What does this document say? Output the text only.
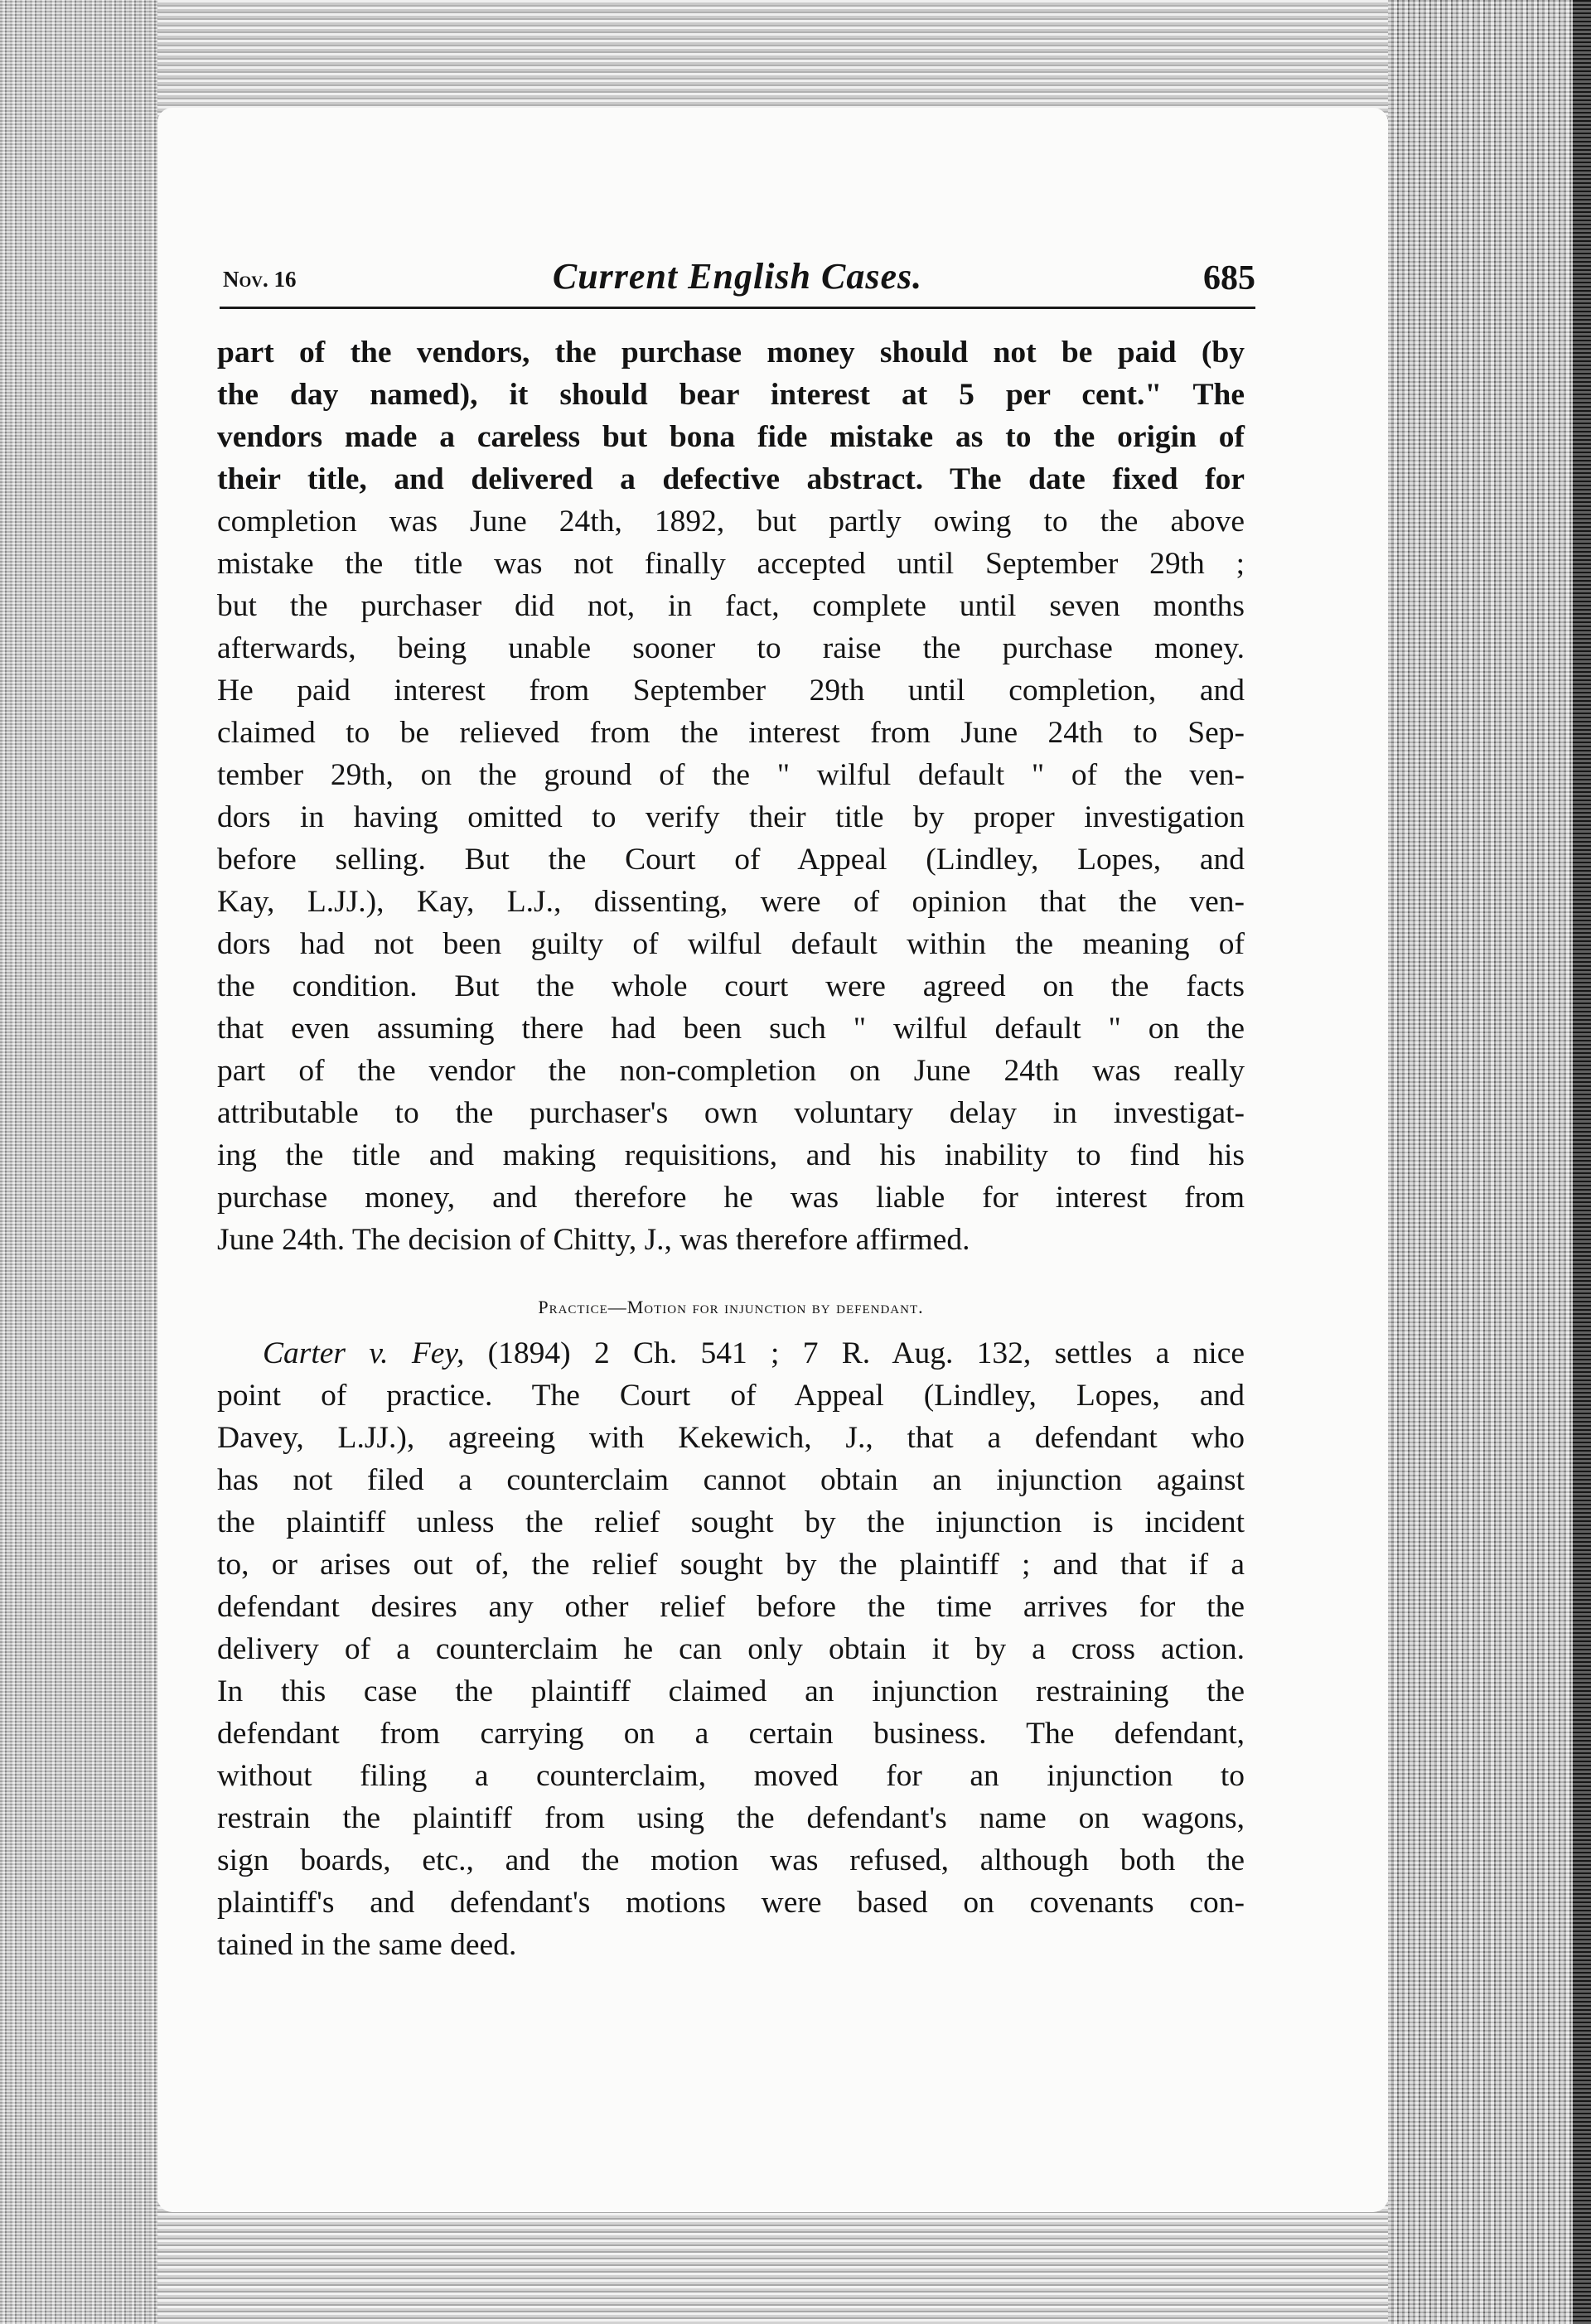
Nov. 16	Current English Cases.	685
part of the vendors, the purchase money should not be paid (by
the day named), it should bear interest at 5 per cent." The
vendors made a careless but bona fide mistake as to the origin of
their title, and delivered a defective abstract. The date fixed for
completion was June 24th, 1892, but partly owing to the above
mistake the title was not finally accepted until September 29th ;
but the purchaser did not, in fact, complete until seven months
afterwards, being unable sooner to raise the purchase money.
He paid interest from September 29th until completion, and
claimed to be relieved from the interest from June 24th to Sep-
tember 29th, on the ground of the " wilful default " of the ven-
dors in having omitted to verify their title by proper investigation
before selling. But the Court of Appeal (Lindley, Lopes, and
Kay, L.JJ.), Kay, L.J., dissenting, were of opinion that the ven-
dors had not been guilty of wilful default within the meaning of
the condition. But the whole court were agreed on the facts
that even assuming there had been such " wilful default " on the
part of the vendor the non-completion on June 24th was really
attributable to the purchaser's own voluntary delay in investigat-
ing the title and making requisitions, and his inability to find his
purchase money, and therefore he was liable for interest from
June 24th. The decision of Chitty, J., was therefore affirmed.
Practice—Motion for injunction by defendant.
Carter v. Fey, (1894) 2 Ch. 541 ; 7 R. Aug. 132, settles a nice
point of practice. The Court of Appeal (Lindley, Lopes, and
Davey, L.JJ.), agreeing with Kekewich, J., that a defendant who
has not filed a counterclaim cannot obtain an injunction against
the plaintiff unless the relief sought by the injunction is incident
to, or arises out of, the relief sought by the plaintiff ; and that if a
defendant desires any other relief before the time arrives for the
delivery of a counterclaim he can only obtain it by a cross action.
In this case the plaintiff claimed an injunction restraining the
defendant from carrying on a certain business. The defendant,
without filing a counterclaim, moved for an injunction to
restrain the plaintiff from using the defendant's name on wagons,
sign boards, etc., and the motion was refused, although both the
plaintiff's and defendant's motions were based on covenants con-
tained in the same deed.
